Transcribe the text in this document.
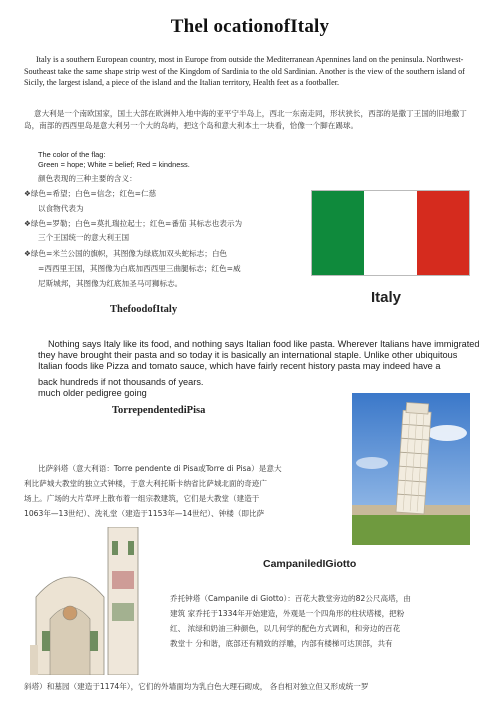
Thel ocationofItaly
Italy is a southern European country, most in Europe from outside the Mediterranean Apennines land on the peninsula. Northwest-Southeast take the same shape strip west of the Kingdom of Sardinia to the old Sardinian. Another is the view of the southern island of Sicily, the largest island, a piece of the island and the Italian territory, Health feet as a footballer.
意大利是一个南欧国家，国土大部在欧洲伸入地中海的亚平宁半岛上，西北一东南走同，形状狭长，西部的是撒丁王国的旧地撒丁岛，南部的西西里岛是意大利另一个大的岛屿，把这个岛和意大利本土一块看，恰像一个脚在踢球。
The color of the flag:
Green = hope; White = belief; Red = kindness.
颜色表现的三种主要的含义：
❖绿色=希望；白色=信念；红色=仁慈
以食物代表为
❖绿色=罗勒；白色=莫扎瑞拉起士；红色=番茄 其标志也表示为
三个王国统一的意大利王国
❖绿色=米兰公国的旗帜，其图像为绿底加双头蛇标志；白色
=西西里王国，其图像为白底加西西里三曲腿标志；红色=威
尼斯城邦，其图像为红底加圣马可狮标志。
Italy
ThefoodofItaly
Nothing says Italy like its food, and nothing says Italian food like pasta. Wherever Italians have immigrated they have brought their pasta and so today it is basically an international staple. Unlike other ubiquitous Italian foods like Pizza and tomato sauce, which have fairly recent history pasta may indeed have a
back hundreds if not thousands of years.
much older pedigree going
TorrependentediPisa
比萨斜塔（意大利语：Torre pendente di Pisa或Torre di Pisa）是意大
利比萨城大教堂的独立式钟楼，于意大利托斯卡纳省比萨城北面的奇迹广
场上。广场的大片草坪上散布着一组宗教建筑，它们是大教堂（建造于
1063年—13世纪）、洗礼堂（建造于1153年—14世纪）、钟楼（即比萨
CampaniledIGiotto
乔托钟塔（Campanile di Giotto）：百花大教堂旁边的82公尺高塔，由
建筑 家乔托于1334年开始建造，外观是一个四角形的柱状塔楼，把粉
红、 浓绿和奶油三种颜色，以几何学的配色方式调和，和旁边的百花
教堂十 分和谐，底部还有精致的浮雕，内部有楼梯可达顶部，共有
斜塔）和墓园（建造于1174年），它们的外墙面均为乳白色大理石砌成， 各自相对独立但又形成统一罗
